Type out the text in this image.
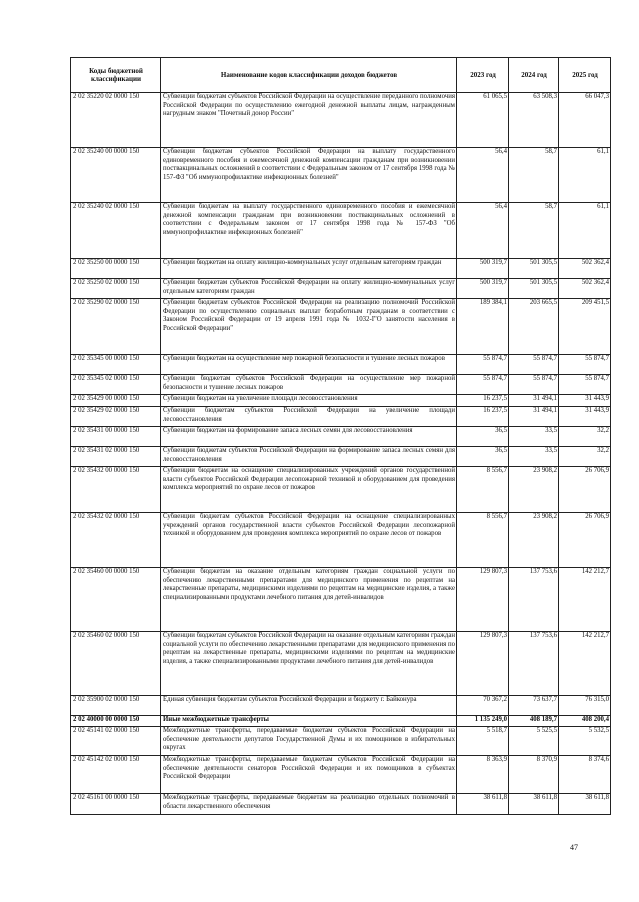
Коды бюджетной классификации	Наименование кодов классификации доходов бюджетов	2023 год	2024 год	2025 год
2 02 35220 02 0000 150	Субвенции бюджетам субъектов Российской Федерации на осуществление переданного полномочия Российской Федерации по осуществлению ежегодной денежной выплаты лицам, награжденным нагрудным знаком "Почетный донор России"	61 065,5	63 508,3	66 047,3
2 02 35240 00 0000 150	Субвенции бюджетам субъектов Российской Федерации на выплату государственного единовременного пособия и ежемесячной денежной компенсации гражданам при возникновении поствакцинальных осложнений в соответствии с Федеральным законом от 17 сентября 1998 года № 157-ФЗ "Об иммунопрофилактике инфекционных болезней"	56,4	58,7	61,1
2 02 35240 02 0000 150	Субвенции бюджетам на выплату государственного единовременного пособия и ежемесячной денежной компенсации гражданам при возникновении поствакцинальных осложнений в соответствии с Федеральным законом от 17 сентября 1998 года № 157-ФЗ "Об иммунопрофилактике инфекционных болезней"	56,4	58,7	61,1
2 02 35250 00 0000 150	Субвенции бюджетам на оплату жилищно-коммунальных услуг отдельным категориям граждан	500 319,7	501 305,5	502 362,4
2 02 35250 02 0000 150	Субвенции бюджетам субъектов Российской Федерации на оплату жилищно-коммунальных услуг отдельным категориям граждан	500 319,7	501 305,5	502 362,4
2 02 35290 02 0000 150	Субвенции бюджетам субъектов Российской Федерации на реализацию полномочий Российской Федерации по осуществлению социальных выплат безработным гражданам в соответствии с Законом Российской Федерации от 19 апреля 1991 года № 1032-I"О занятости населения в Российской Федерации"	189 384,1	203 665,5	209 451,5
2 02 35345 00 0000 150	Субвенции бюджетам на осуществление мер пожарной безопасности и тушение лесных пожаров	55 874,7	55 874,7	55 874,7
2 02 35345 02 0000 150	Субвенции бюджетам субъектов Российской Федерации на осуществление мер пожарной безопасности и тушение лесных пожаров	55 874,7	55 874,7	55 874,7
2 02 35429 00 0000 150	Субвенции бюджетам на увеличение площади лесовосстановления	16 237,5	31 494,1	31 443,9
2 02 35429 02 0000 150	Субвенции бюджетам субъектов Российской Федерации на увеличение площади лесовосстановления	16 237,5	31 494,1	31 443,9
2 02 35431 00 0000 150	Субвенции бюджетам на формирование запаса лесных семян для лесовосстановления	36,5	33,5	32,2
2 02 35431 02 0000 150	Субвенции бюджетам субъектов Российской Федерации на формирование запаса лесных семян для лесовосстановления	36,5	33,5	32,2
2 02 35432 00 0000 150	Субвенции бюджетам на оснащение специализированных учреждений органов государственной власти субъектов Российской Федерации лесопожарной техникой и оборудованием для проведения комплекса мероприятий по охране лесов от пожаров	8 556,7	23 908,2	26 706,9
2 02 35432 02 0000 150	Субвенции бюджетам субъектов Российской Федерации на оснащение специализированных учреждений органов государственной власти субъектов Российской Федерации лесопожарной техникой и оборудованием для проведения комплекса мероприятий по охране лесов от пожаров	8 556,7	23 908,2	26 706,9
2 02 35460 00 0000 150	Субвенции бюджетам на оказание отдельным категориям граждан социальной услуги по обеспечению лекарственными препаратами для медицинского применения по рецептам на лекарственные препараты, медицинскими изделиями по рецептам на медицинские изделия, а также специализированными продуктами лечебного питания для детей-инвалидов	129 807,3	137 753,6	142 212,7
2 02 35460 02 0000 150	Субвенции бюджетам субъектов Российской Федерации на оказание отдельным категориям граждан социальной услуги по обеспечению лекарственными препаратами для медицинского применения по рецептам на лекарственные препараты, медицинскими изделиями по рецептам на медицинские изделия, а также специализированными продуктами лечебного питания для детей-инвалидов	129 807,3	137 753,6	142 212,7
2 02 35900 02 0000 150	Единая субвенция бюджетам субъектов Российской Федерации и бюджету г. Байконура	70 367,2	73 637,7	76 315,0
2 02 40000 00 0000 150	Иные межбюджетные трансферты	1 135 249,0	408 189,7	408 200,4
2 02 45141 02 0000 150	Межбюджетные трансферты, передаваемые бюджетам субъектов Российской Федерации на обеспечение деятельности депутатов Государственной Думы и их помощников в избирательных округах	5 518,7	5 525,5	5 532,5
2 02 45142 02 0000 150	Межбюджетные трансферты, передаваемые бюджетам субъектов Российской Федерации на обеспечение деятельности сенаторов Российской Федерации и их помощников в субъектах Российской Федерации	8 363,9	8 370,9	8 374,6
2 02 45161 00 0000 150	Межбюджетные трансферты, передаваемые бюджетам на реализацию отдельных полномочий в области лекарственного обеспечения	38 611,8	38 611,8	38 611,8
47
